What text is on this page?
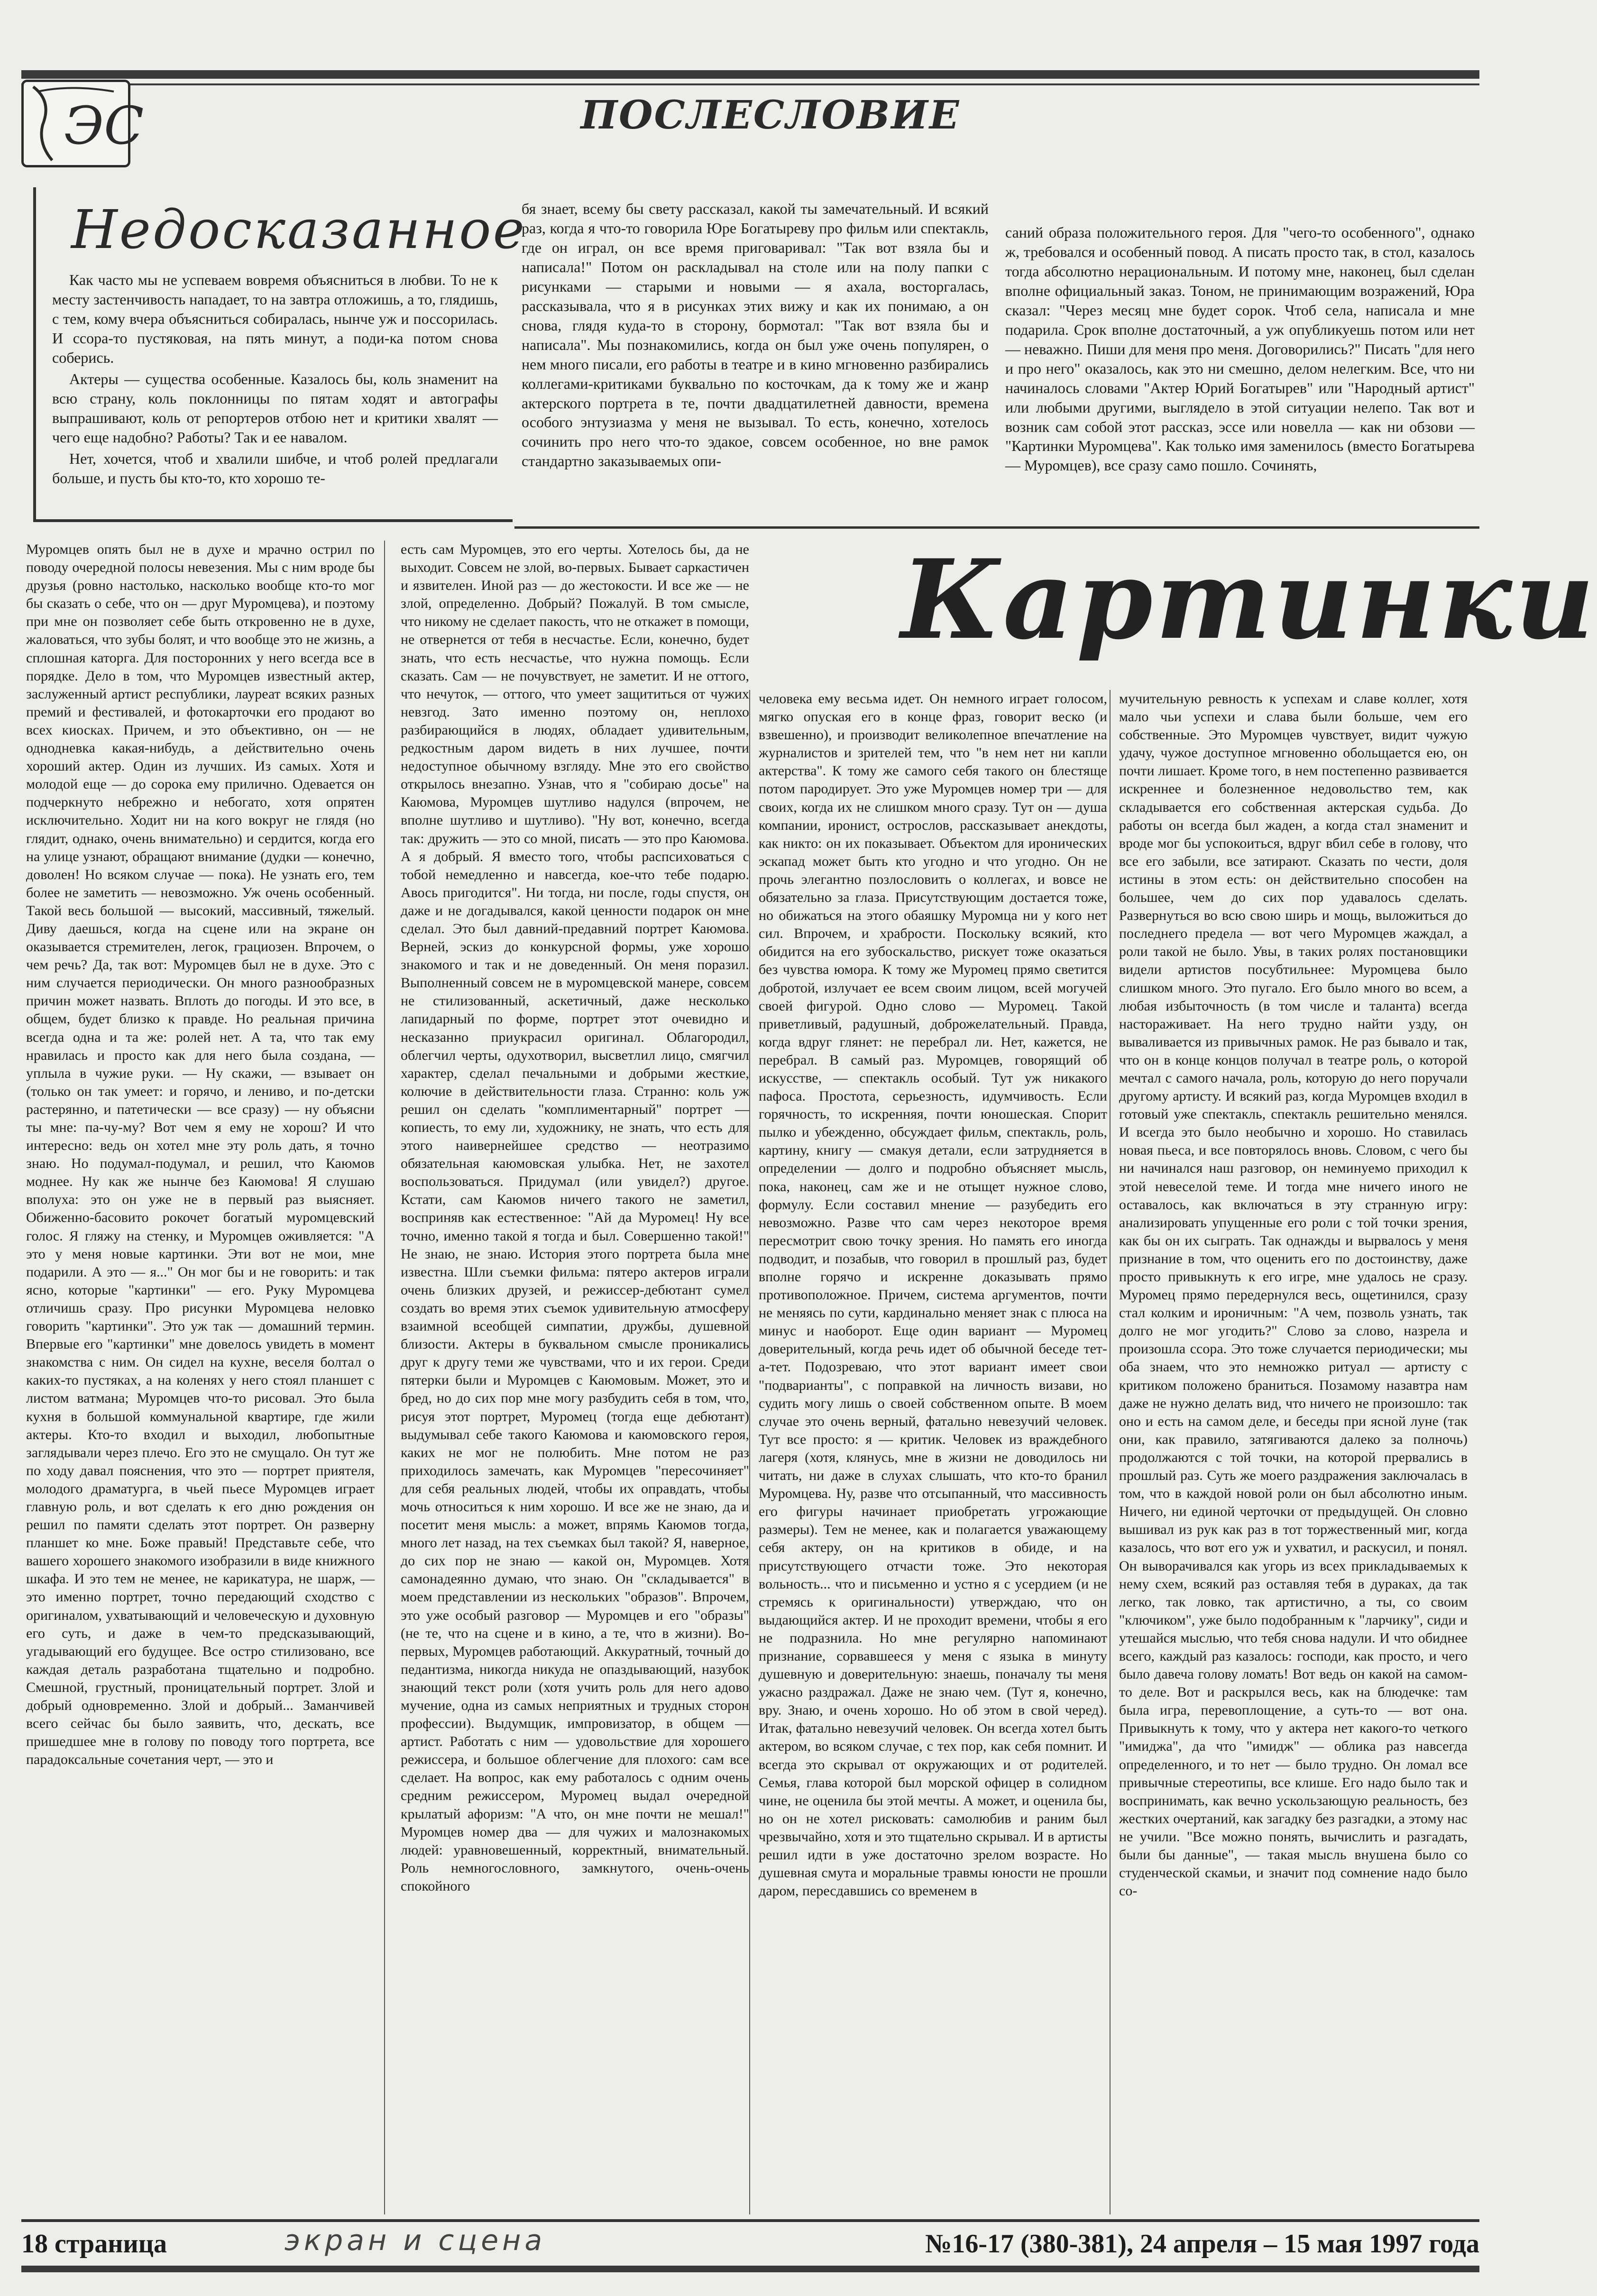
ЭС	ПОСЛЕСЛОВИЕ
Недосказанное

Как часто мы не успеваем вовремя объясниться в любви. То не к месту застенчивость нападает, то на завтра отложишь, а то, глядишь, с тем, кому вчера объясниться собиралась, нынче уж и поссорилась. И ссора-то пустяковая, на пять минут, а поди-ка потом снова соберись.

Актеры — существа особенные. Казалось бы, коль знаменит на всю страну, коль поклонницы по пятам ходят и автографы выпрашивают, коль от репортеров отбою нет и критики хвалят — чего еще надобно? Работы? Так и ее навалом.

Нет, хочется, чтоб и хвалили шибче, и чтоб ролей предлагали больше, и пусть бы кто-то, кто хорошо те-

бя знает, всему бы свету рассказал, какой ты замечательный. И всякий раз, когда я что-то говорила Юре Богатыреву про фильм или спектакль, где он играл, он все время приговаривал: "Так вот взяла бы и написала!" Потом он раскладывал на столе или на полу папки с рисунками — старыми и новыми — я ахала, восторгалась, рассказывала, что я в рисунках этих вижу и как их понимаю, а он снова, глядя куда-то в сторону, бормотал: "Так вот взяла бы и написала". Мы познакомились, когда он был уже очень популярен, о нем много писали, его работы в театре и в кино мгновенно разбирались коллегами-критиками буквально по косточкам, да к тому же и жанр актерского портрета в те, почти двадцатилетней давности, времена особого энтузиазма у меня не вызывал. То есть, конечно, хотелось сочинить про него что-то эдакое, совсем особенное, но вне рамок стандартно заказываемых опи-

саний образа положительного героя. Для "чего-то особенного", однако ж, требовался и особенный повод. А писать просто так, в стол, казалось тогда абсолютно нерациональным. И потому мне, наконец, был сделан вполне официальный заказ. Тоном, не принимающим возражений, Юра сказал: "Через месяц мне будет сорок. Чтоб села, написала и мне подарила. Срок вполне достаточный, а уж опубликуешь потом или нет — неважно. Пиши для меня про меня. Договорились?" Писать "для него и про него" оказалось, как это ни смешно, делом нелегким. Все, что ни начиналось словами "Актер Юрий Богатырев" или "Народный артист" или любыми другими, выглядело в этой ситуации нелепо. Так вот и возник сам собой этот рассказ, эссе или новелла — как ни обзови — "Картинки Муромцева". Как только имя заменилось (вместо Богатырева — Муромцев), все сразу само пошло. Сочинять,

Картинки

Муромцев опять был не в духе и мрачно острил по поводу очередной полосы невезения. Мы с ним вроде бы друзья (ровно настолько, насколько вообще кто-то мог бы сказать о себе, что он — друг Муромцева), и поэтому при мне он позволяет себе быть откровенно не в духе, жаловаться, что зубы болят, и что вообще это не жизнь, а сплошная каторга. Для посторонних у него всегда все в порядке. Дело в том, что Муромцев известный актер, заслуженный артист республики, лауреат всяких разных премий и фестивалей, и фотокарточки его продают во всех киосках. Причем, и это объективно, он — не однодневка какая-нибудь, а действительно очень хороший актер. Один из лучших. Из самых. Хотя и молодой еще — до сорока ему прилично. Одевается он подчеркнуто небрежно и небогато, хотя опрятен исключительно. Ходит ни на кого вокруг не глядя (но глядит, однако, очень внимательно) и сердится, когда его на улице узнают, обращают внимание (дудки — конечно, доволен! Но всяком случае — пока). Не узнать его, тем более не заметить — невозможно. Уж очень особенный. Такой весь большой — высокий, массивный, тяжелый. Диву даешься, когда на сцене или на экране он оказывается стремителен, легок, грациозен. Впрочем, о чем речь? Да, так вот: Муромцев был не в духе. Это с ним случается периодически. Он много разнообразных причин может назвать. Вплоть до погоды. И это все, в общем, будет близко к правде. Но реальная причина всегда одна и та же: ролей нет. А та, что так ему нравилась и просто как для него была создана, — уплыла в чужие руки. — Ну скажи, — взывает он (только он так умеет: и горячо, и лениво, и по-детски растерянно, и патетически — все сразу) — ну объясни ты мне: па-чу-му? Вот чем я ему не хорош? И что интересно: ведь он хотел мне эту роль дать, я точно знаю. Но подумал-подумал, и решил, что Каюмов моднее. Ну как же нынче без Каюмова! Я слушаю вполуха: это он уже не в первый раз выясняет. Обиженно-басовито рокочет богатый муромцевский голос. Я гляжу на стенку, и Муромцев оживляется: "А это у меня новые картинки. Эти вот не мои, мне подарили. А это — я..." Он мог бы и не говорить: и так ясно, которые "картинки" — его. Руку Муромцева отличишь сразу. Про рисунки Муромцева неловко говорить "картинки". Это уж так — домашний термин. Впервые его "картинки" мне довелось увидеть в момент знакомства с ним. Он сидел на кухне, веселя болтал о каких-то пустяках, а на коленях у него стоял планшет с листом ватмана; Муромцев что-то рисовал. Это была кухня в большой коммунальной квартире, где жили актеры. Кто-то входил и выходил, любопытные заглядывали через плечо. Его это не смущало. Он тут же по ходу давал пояснения, что это — портрет приятеля, молодого драматурга, в чьей пьесе Муромцев играет главную роль, и вот сделать к его дню рождения он решил по памяти сделать этот портрет. Он разверну планшет ко мне. Боже правый! Представьте себе, что вашего хорошего знакомого изобразили в виде книжного шкафа. И это тем не менее, не карикатура, не шарж, — это именно портрет, точно передающий сходство с оригиналом, ухватывающий и человеческую и духовную его суть, и даже в чем-то предсказывающий, угадывающий его будущее. Все остро стилизовано, все каждая деталь разработана тщательно и подробно. Смешной, грустный, проницательный портрет. Злой и добрый одновременно. Злой и добрый... Заманчивей всего сейчас бы было заявить, что, дескать, все пришедшее мне в голову по поводу того портрета, все парадоксальные сочетания черт, — это и

есть сам Муромцев, это его черты. Хотелось бы, да не выходит. Совсем не злой, во-первых. Бывает саркастичен и язвителен. Иной раз — до жестокости. И все же — не злой, определенно. Добрый? Пожалуй. В том смысле, что никому не сделает пакость, что не откажет в помощи, не отвернется от тебя в несчастье. Если, конечно, будет знать, что есть несчастье, что нужна помощь. Если сказать. Сам — не почувствует, не заметит. И не оттого, что нечуток, — оттого, что умеет защититься от чужих невзгод. Зато именно поэтому он, неплохо разбирающийся в людях, обладает удивительным, редкостным даром видеть в них лучшее, почти недоступное обычному взгляду. Мне это его свойство открылось внезапно. Узнав, что я "собираю досье" на Каюмова, Муромцев шутливо надулся (впрочем, не вполне шутливо и шутливо). "Ну вот, конечно, всегда так: дружить — это со мной, писать — это про Каюмова. А я добрый. Я вместо того, чтобы распсиховаться с тобой немедленно и навсегда, кое-что тебе подарю. Авось пригодится". Ни тогда, ни после, годы спустя, он даже и не догадывался, какой ценности подарок он мне сделал. Это был давний-предавний портрет Каюмова. Верней, эскиз до конкурсной формы, уже хорошо знакомого и так и не доведенный. Он меня поразил. Выполненный совсем не в муромцевской манере, совсем не стилизованный, аскетичный, даже несколько лапидарный по форме, портрет этот очевидно и несказанно приукрасил оригинал. Облагородил, облегчил черты, одухотворил, высветлил лицо, смягчил характер, сделал печальными и добрыми жесткие, колючие в действительности глаза. Странно: коль уж решил он сделать "комплиментарный" портрет — копиесть, то ему ли, художнику, не знать, что есть для этого наивернейшее средство — неотразимо обязательная каюмовская улыбка. Нет, не захотел воспользоваться. Придумал (или увидел?) другое. Кстати, сам Каюмов ничего такого не заметил, восприняв как естественное: "Ай да Муромец! Ну все точно, именно такой я тогда и был. Совершенно такой!" Не знаю, не знаю. История этого портрета была мне известна. Шли съемки фильма: пятеро актеров играли очень близких друзей, и режиссер-дебютант сумел создать во время этих съемок удивительную атмосферу взаимной всеобщей симпатии, дружбы, душевной близости. Актеры в буквальном смысле проникались друг к другу теми же чувствами, что и их герои. Среди пятерки были и Муромцев с Каюмовым. Может, это и бред, но до сих пор мне могу разбудить себя в том, что, рисуя этот портрет, Муромец (тогда еще дебютант) выдумывал себе такого Каюмова и каюмовского героя, каких не мог не полюбить. Мне потом не раз приходилось замечать, как Муромцев "пересочиняет" для себя реальных людей, чтобы их оправдать, чтобы мочь относиться к ним хорошо. И все же не знаю, да и посетит меня мысль: а может, впрямь Каюмов тогда, много лет назад, на тех съемках был такой? Я, наверное, до сих пор не знаю — какой он, Муромцев. Хотя самонадеянно думаю, что знаю. Он "складывается" в моем представлении из нескольких "образов". Впрочем, это уже особый разговор — Муромцев и его "образы" (не те, что на сцене и в кино, а те, что в жизни). Во-первых, Муромцев работающий. Аккуратный, точный до педантизма, никогда никуда не опаздывающий, назубок знающий текст роли (хотя учить роль для него адово мучение, одна из самых неприятных и трудных сторон профессии). Выдумщик, импровизатор, в общем — артист. Работать с ним — удовольствие для хорошего режиссера, и большое облегчение для плохого: сам все сделает. На вопрос, как ему работалось с одним очень средним режиссером, Муромец выдал очередной крылатый афоризм: "А что, он мне почти не мешал!" Муромцев номер два — для чужих и малознакомых людей: уравновешенный, корректный, внимательный. Роль немногословного, замкнутого, очень-очень спокойного

человека ему весьма идет. Он немного играет голосом, мягко опуская его в конце фраз, говорит веско (и взвешенно), и производит великолепное впечатление на журналистов и зрителей тем, что "в нем нет ни капли актерства". К тому же самого себя такого он блестяще потом пародирует. Это уже Муромцев номер три — для своих, когда их не слишком много сразу. Тут он — душа компании, иронист, острослов, рассказывает анекдоты, как никто: он их показывает. Объектом для иронических эскапад может быть кто угодно и что угодно. Он не прочь элегантно позлословить о коллегах, и вовсе не обязательно за глаза. Присутствующим достается тоже, но обижаться на этого обаяшку Муромца ни у кого нет сил. Впрочем, и храбрости. Поскольку всякий, кто обидится на его зубоскальство, рискует тоже оказаться без чувства юмора. К тому же Муромец прямо светится добротой, излучает ее всем своим лицом, всей могучей своей фигурой. Одно слово — Муромец. Такой приветливый, радушный, доброжелательный. Правда, когда вдруг глянет: не перебрал ли. Нет, кажется, не перебрал. В самый раз. Муромцев, говорящий об искусстве, — спектакль особый. Тут уж никакого пафоса. Простота, серьезность, идумчивость. Если горячность, то искренняя, почти юношеская. Спорит пылко и убежденно, обсуждает фильм, спектакль, роль, картину, книгу — смакуя детали, если затрудняется в определении — долго и подробно объясняет мысль, пока, наконец, сам же и не отыщет нужное слово, формулу. Если составил мнение — разубедить его невозможно. Разве что сам через некоторое время пересмотрит свою точку зрения. Но память его иногда подводит, и позабыв, что говорил в прошлый раз, будет вполне горячо и искренне доказывать прямо противоположное. Причем, система аргументов, почти не меняясь по сути, кардинально меняет знак с плюса на минус и наоборот. Еще один вариант — Муромец доверительный, когда речь идет об обычной беседе тет-а-тет. Подозреваю, что этот вариант имеет свои "подварианты", с поправкой на личность визави, но судить могу лишь о своей собственном опыте. В моем случае это очень верный, фатально невезучий человек. Тут все просто: я — критик. Человек из враждебного лагеря (хотя, клянусь, мне в жизни не доводилось ни читать, ни даже в слухах слышать, что кто-то бранил Муромцева. Ну, разве что отсыпанный, что массивность его фигуры начинает приобретать угрожающие размеры). Тем не менее, как и полагается уважающему себя актеру, он на критиков в обиде, и на присутствующего отчасти тоже. Это некоторая вольность... что и письменно и устно я с усердием (и не стремясь к оригинальности) утверждаю, что он выдающийся актер. И не проходит времени, чтобы я его не подразнила. Но мне регулярно напоминают признание, сорвавшееся у меня с языка в минуту душевную и доверительную: знаешь, поначалу ты меня ужасно раздражал. Даже не знаю чем. (Тут я, конечно, вру. Знаю, и очень хорошо. Но об этом в свой черед). Итак, фатально невезучий человек. Он всегда хотел быть актером, во всяком случае, с тех пор, как себя помнит. И всегда это скрывал от окружающих и от родителей. Семья, глава которой был морской офицер в солидном чине, не оценила бы этой мечты. А может, и оценила бы, но он не хотел рисковать: самолюбив и раним был чрезвычайно, хотя и это тщательно скрывал. И в артисты решил идти в уже достаточно зрелом возрасте. Но душевная смута и моральные травмы юности не прошли даром, пересдавшись со временем в

мучительную ревность к успехам и славе коллег, хотя мало чьи успехи и слава были больше, чем его собственные. Это Муромцев чувствует, видит чужую удачу, чужое доступное мгновенно обольщается ею, он почти лишает. Кроме того, в нем постепенно развивается искреннее и болезненное недовольство тем, как складывается его собственная актерская судьба. До работы он всегда был жаден, а когда стал знаменит и вроде мог бы успокоиться, вдруг вбил себе в голову, что все его забыли, все затирают. Сказать по чести, доля истины в этом есть: он действительно способен на большее, чем до сих пор удавалось сделать. Развернуться во всю свою ширь и мощь, выложиться до последнего предела — вот чего Муромцев жаждал, а роли такой не было. Увы, в таких ролях постановщики видели артистов посубтильнее: Муромцева было слишком много. Это пугало. Его было много во всем, а любая избыточность (в том числе и таланта) всегда настораживает. На него трудно найти узду, он вываливается из привычных рамок. Не раз бывало и так, что он в конце концов получал в театре роль, о которой мечтал с самого начала, роль, которую до него поручали другому артисту. И всякий раз, когда Муромцев входил в готовый уже спектакль, спектакль решительно менялся. И всегда это было необычно и хорошо. Но ставилась новая пьеса, и все повторялось вновь. Словом, с чего бы ни начинался наш разговор, он неминуемо приходил к этой невеселой теме. И тогда мне ничего иного не оставалось, как включаться в эту странную игру: анализировать упущенные его роли с той точки зрения, как бы он их сыграть. Так однажды и вырвалось у меня признание в том, что оценить его по достоинству, даже просто привыкнуть к его игре, мне удалось не сразу. Муромец прямо передернулся весь, ощетинился, сразу стал колким и ироничным: "А чем, позволь узнать, так долго не мог угодить?" Слово за слово, назрела и произошла ссора. Это тоже случается периодически; мы оба знаем, что это немножко ритуал — артисту с критиком положено браниться. Позамому назавтра нам даже не нужно делать вид, что ничего не произошло: так оно и есть на самом деле, и беседы при ясной луне (так они, как правило, затягиваются далеко за полночь) продолжаются с той точки, на которой прервались в прошлый раз. Суть же моего раздражения заключалась в том, что в каждой новой роли он был абсолютно иным. Ничего, ни единой черточки от предыдущей. Он словно вышивал из рук как раз в тот торжественный миг, когда казалось, что вот его уж и ухватил, и раскусил, и понял. Он выворачивался как угорь из всех прикладываемых к нему схем, всякий раз оставляя тебя в дураках, да так легко, так ловко, так артистично, а ты, со своим "ключиком", уже было подобранным к "ларчику", сиди и утешайся мыслью, что тебя снова надули. И что обиднее всего, каждый раз казалось: господи, как просто, и чего было давеча голову ломать! Вот ведь он какой на самом-то деле. Вот и раскрылся весь, как на блюдечке: там была игра, перевоплощение, а суть-то — вот она. Привыкнуть к тому, что у актера нет какого-то четкого "имиджа", да что "имидж" — облика раз навсегда определенного, и то нет — было трудно. Он ломал все привычные стереотипы, все клише. Его надо было так и воспринимать, как вечно ускользающую реальность, без жестких очертаний, как загадку без разгадки, а этому нас не учили. "Все можно понять, вычислить и разгадать, были бы данные", — такая мысль внушена было со студенческой скамьи, и значит под сомнение надо было со-

18 страница	экран и сцена	№16-17 (380-381), 24 апреля – 15 мая 1997 года
